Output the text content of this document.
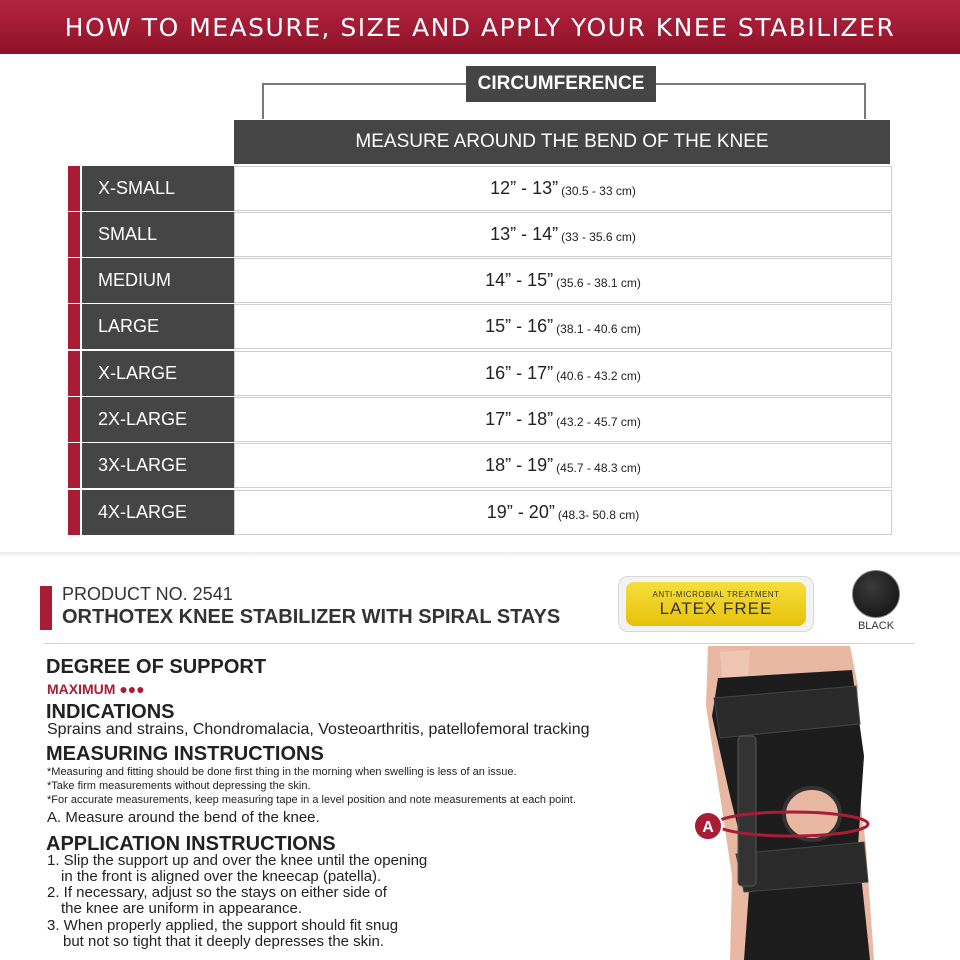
HOW TO MEASURE, SIZE AND APPLY YOUR KNEE STABILIZER
CIRCUMFERENCE
MEASURE AROUND THE BEND OF THE KNEE
X-SMALL	12” - 13” (30.5 - 33 cm)
SMALL	13” - 14” (33 - 35.6 cm)
MEDIUM	14” - 15” (35.6 - 38.1 cm)
LARGE	15” - 16” (38.1 - 40.6 cm)
X-LARGE	16” - 17” (40.6 - 43.2 cm)
2X-LARGE	17” - 18” (43.2 - 45.7 cm)
3X-LARGE	18” - 19” (45.7 - 48.3 cm)
4X-LARGE	19” - 20” (48.3- 50.8 cm)
PRODUCT NO. 2541
ORTHOTEX KNEE STABILIZER WITH SPIRAL STAYS
ANTI-MICROBIAL TREATMENT
LATEX FREE
BLACK
DEGREE OF SUPPORT
MAXIMUM ●●●
INDICATIONS
Sprains and strains, Chondromalacia, Vosteoarthritis, patellofemoral tracking
MEASURING INSTRUCTIONS
*Measuring and fitting should be done first thing in the morning when swelling is less of an issue.
*Take firm measurements without depressing the skin.
*For accurate measurements, keep measuring tape in a level position and note measurements at each point.
A. Measure around the bend of the knee.
APPLICATION INSTRUCTIONS
1. Slip the support up and over the knee until the opening
in the front is aligned over the kneecap (patella).
2. If necessary, adjust so the stays on either side of
the knee are uniform in appearance.
3. When properly applied, the support should fit snug
but not so tight that it deeply depresses the skin.
A
